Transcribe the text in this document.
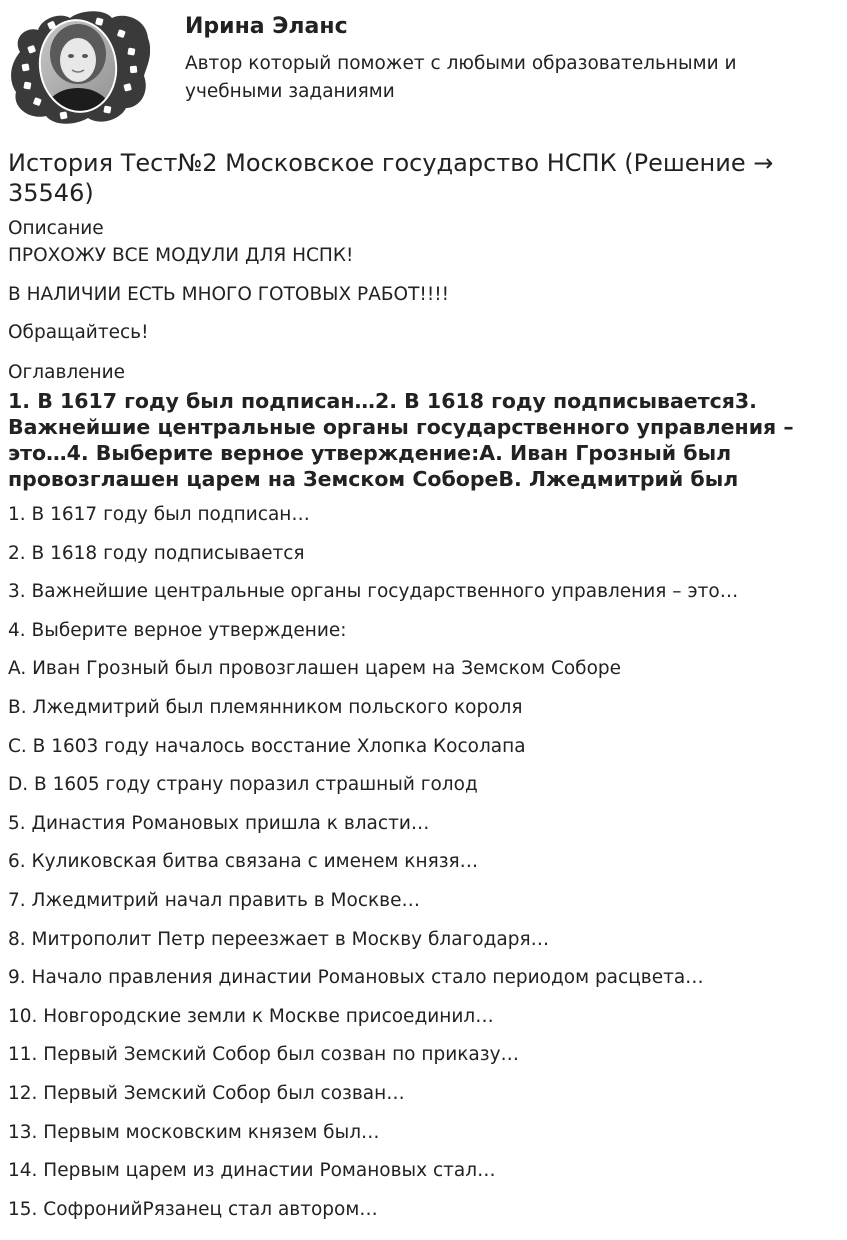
Ирина Эланс
Автор который поможет с любыми образовательными и учебными заданиями
История Тест№2 Московское государство НСПК (Решение → 35546)
Описание
ПРОХОЖУ ВСЕ МОДУЛИ ДЛЯ НСПК!
В НАЛИЧИИ ЕСТЬ МНОГО ГОТОВЫХ РАБОТ!!!!
Обращайтесь!
Оглавление
1. В 1617 году был подписан…2. В 1618 году подписывается3. Важнейшие центральные органы государственного управления – это…4. Выберите верное утверждение:А. Иван Грозный был провозглашен царем на Земском СобореВ. Лжедмитрий был
1. В 1617 году был подписан…
2. В 1618 году подписывается
3. Важнейшие центральные органы государственного управления – это…
4. Выберите верное утверждение:
A. Иван Грозный был провозглашен царем на Земском Соборе
B. Лжедмитрий был племянником польского короля
C. В 1603 году началось восстание Хлопка Косолапа
D. В 1605 году страну поразил страшный голод
5. Династия Романовых пришла к власти…
6. Куликовская битва связана с именем князя…
7. Лжедмитрий начал править в Москве…
8. Митрополит Петр переезжает в Москву благодаря…
9. Начало правления династии Романовых стало периодом расцвета…
10. Новгородские земли к Москве присоединил…
11. Первый Земский Собор был созван по приказу…
12. Первый Земский Собор был созван…
13. Первым московским князем был…
14. Первым царем из династии Романовых стал…
15. СофронийРязанец стал автором…
